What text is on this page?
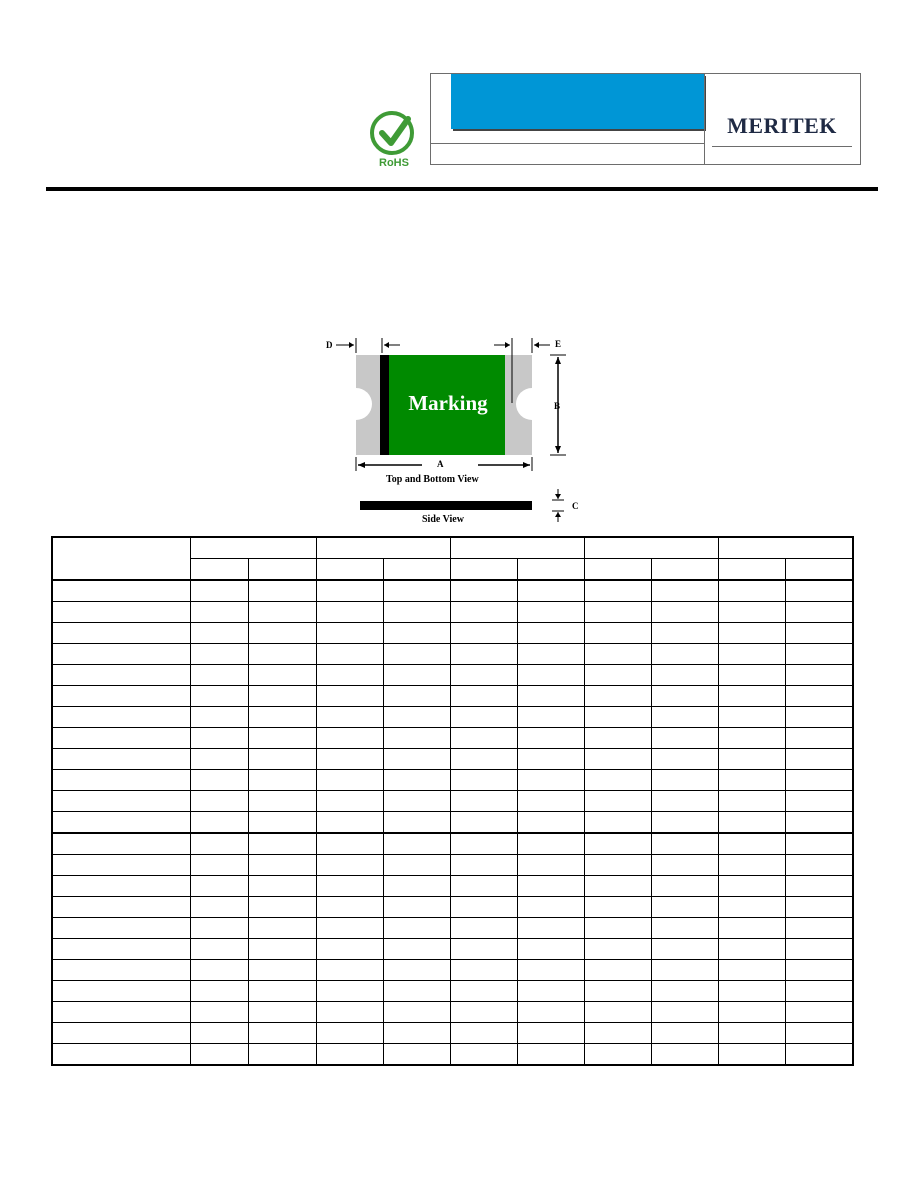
RoHS
MERITEK
Marking
D	E
B
A
C
Top and Bottom View
Side View
